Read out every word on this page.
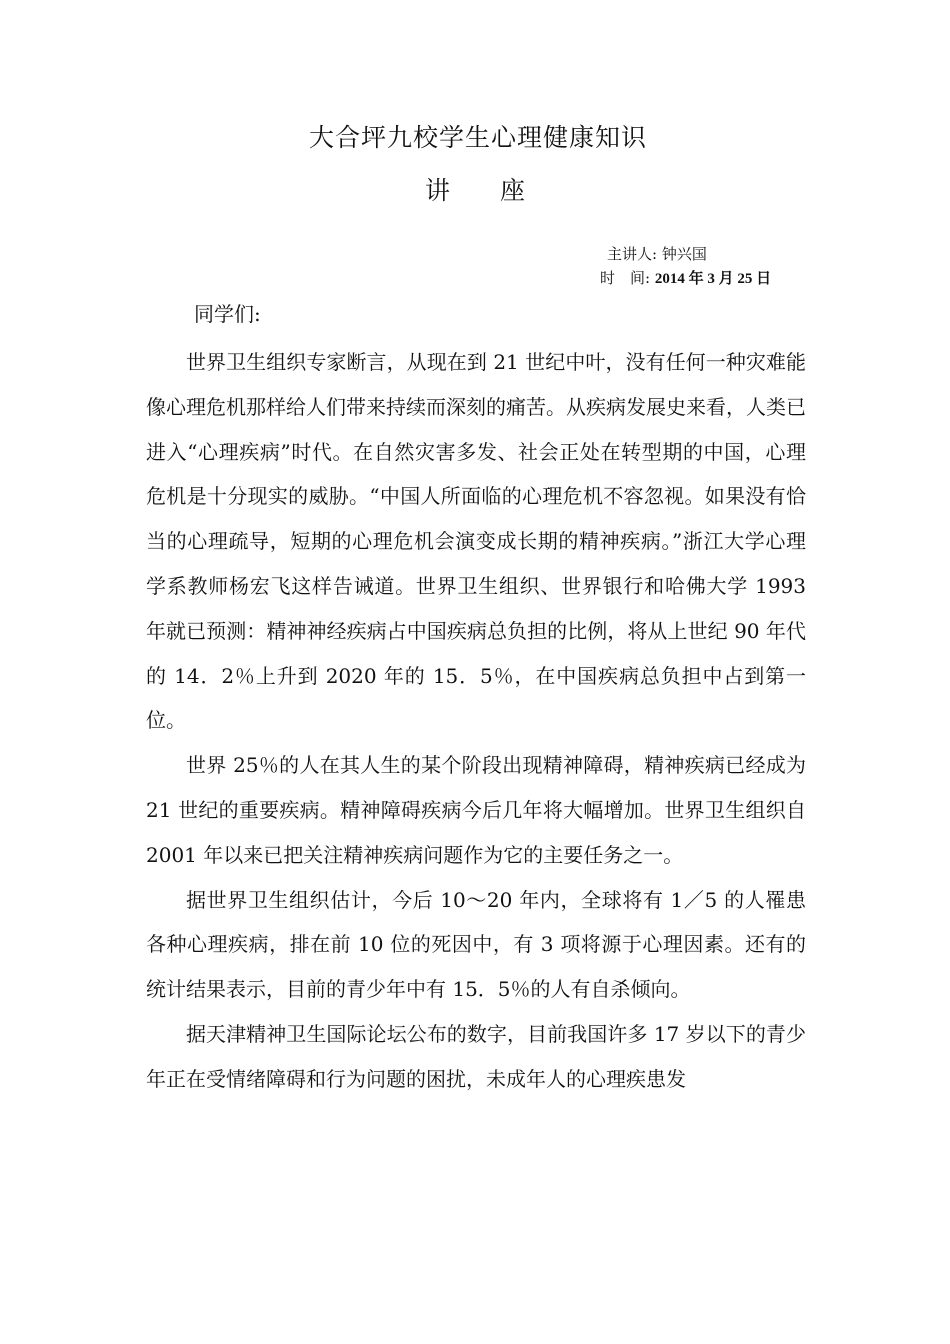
大合坪九校学生心理健康知识
讲 座
主讲人: 钟兴国
时　间: 2014 年 3 月 25 日
同学们:

世界卫生组织专家断言，从现在到 21 世纪中叶，没有任何一种灾难能像心理危机那样给人们带来持续而深刻的痛苦。从疾病发展史来看，人类已进入“心理疾病”时代。在自然灾害多发、社会正处在转型期的中国，心理危机是十分现实的威胁。“中国人所面临的心理危机不容忽视。如果没有恰当的心理疏导，短期的心理危机会演变成长期的精神疾病。”浙江大学心理学系教师杨宏飞这样告诫道。世界卫生组织、世界银行和哈佛大学 1993 年就已预测：精神神经疾病占中国疾病总负担的比例，将从上世纪 90 年代的 14．2％上升到 2020 年的 15．5％，在中国疾病总负担中占到第一位。

世界 25％的人在其人生的某个阶段出现精神障碍，精神疾病已经成为 21 世纪的重要疾病。精神障碍疾病今后几年将大幅增加。世界卫生组织自 2001 年以来已把关注精神疾病问题作为它的主要任务之一。

据世界卫生组织估计，今后 10～20 年内，全球将有 1／5 的人罹患各种心理疾病，排在前 10 位的死因中，有 3 项将源于心理因素。还有的统计结果表示，目前的青少年中有 15．5％的人有自杀倾向。

据天津精神卫生国际论坛公布的数字，目前我国许多 17 岁以下的青少年正在受情绪障碍和行为问题的困扰，未成年人的心理疾患发
